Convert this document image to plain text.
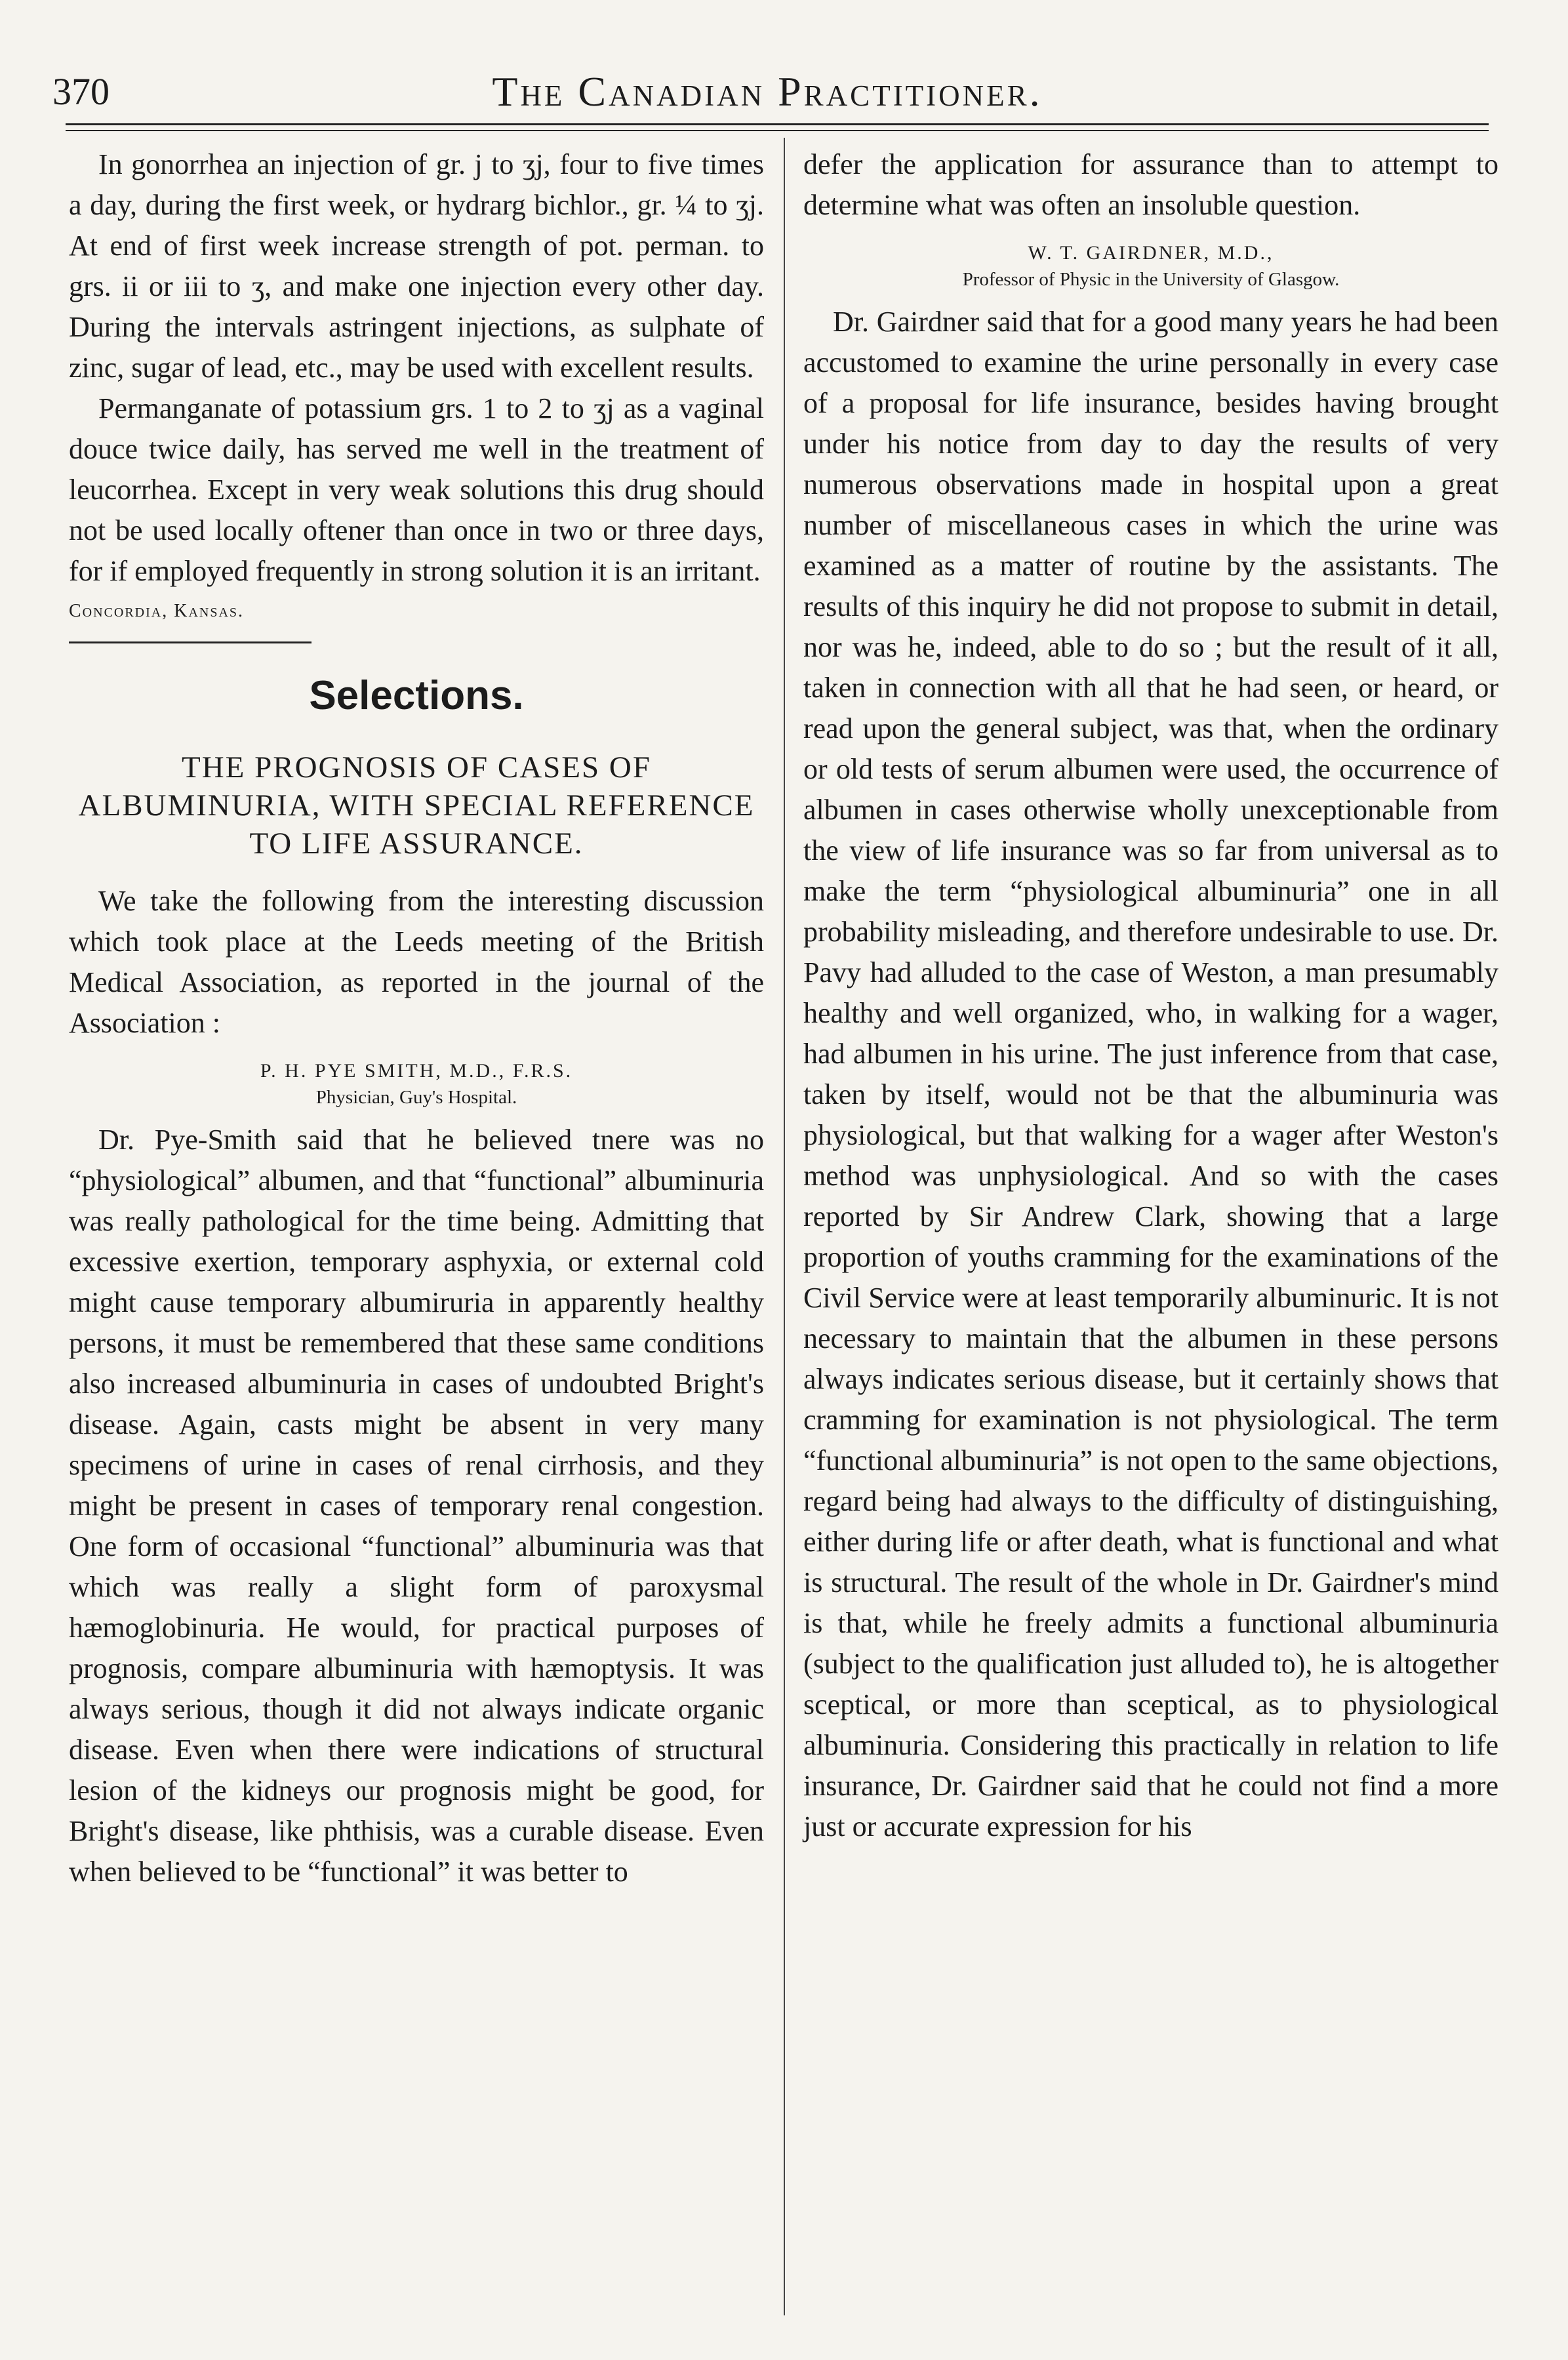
370	The Canadian Practitioner.

In gonorrhea an injection of gr. j to ʒj, four to five times a day, during the first week, or hydrarg bichlor., gr. ¼ to ʒj. At end of first week increase strength of pot. perman. to grs. ii or iii to ʒ, and make one injection every other day. During the intervals astringent injections, as sulphate of zinc, sugar of lead, etc., may be used with excellent results.

Permanganate of potassium grs. 1 to 2 to ʒj as a vaginal douce twice daily, has served me well in the treatment of leucorrhea. Except in very weak solutions this drug should not be used locally oftener than once in two or three days, for if employed frequently in strong solution it is an irritant.

Concordia, Kansas.
Selections.
THE PROGNOSIS OF CASES OF ALBUMINURIA, WITH SPECIAL REFERENCE TO LIFE ASSURANCE.

We take the following from the interesting discussion which took place at the Leeds meeting of the British Medical Association, as reported in the journal of the Association :

P. H. PYE SMITH, M.D., F.R.S.
Physician, Guy's Hospital.

Dr. Pye-Smith said that he believed tnere was no “physiological” albumen, and that “functional” albuminuria was really pathological for the time being. Admitting that excessive exertion, temporary asphyxia, or external cold might cause temporary albumiruria in apparently healthy persons, it must be remembered that these same conditions also increased albuminuria in cases of undoubted Bright's disease. Again, casts might be absent in very many specimens of urine in cases of renal cirrhosis, and they might be present in cases of temporary renal congestion. One form of occasional “functional” albuminuria was that which was really a slight form of paroxysmal hæmoglobinuria. He would, for practical purposes of prognosis, compare albuminuria with hæmoptysis. It was always serious, though it did not always indicate organic disease. Even when there were indications of structural lesion of the kidneys our prognosis might be good, for Bright's disease, like phthisis, was a curable disease. Even when believed to be “functional” it was better to

defer the application for assurance than to attempt to determine what was often an insoluble question.

W. T. GAIRDNER, M.D.,
Professor of Physic in the University of Glasgow.

Dr. Gairdner said that for a good many years he had been accustomed to examine the urine personally in every case of a proposal for life insurance, besides having brought under his notice from day to day the results of very numerous observations made in hospital upon a great number of miscellaneous cases in which the urine was examined as a matter of routine by the assistants. The results of this inquiry he did not propose to submit in detail, nor was he, indeed, able to do so ; but the result of it all, taken in connection with all that he had seen, or heard, or read upon the general subject, was that, when the ordinary or old tests of serum albumen were used, the occurrence of albumen in cases otherwise wholly unexceptionable from the view of life insurance was so far from universal as to make the term “physiological albuminuria” one in all probability misleading, and therefore undesirable to use. Dr. Pavy had alluded to the case of Weston, a man presumably healthy and well organized, who, in walking for a wager, had albumen in his urine. The just inference from that case, taken by itself, would not be that the albuminuria was physiological, but that walking for a wager after Weston's method was unphysiological. And so with the cases reported by Sir Andrew Clark, showing that a large proportion of youths cramming for the examinations of the Civil Service were at least temporarily albuminuric. It is not necessary to maintain that the albumen in these persons always indicates serious disease, but it certainly shows that cramming for examination is not physiological. The term “functional albuminuria” is not open to the same objections, regard being had always to the difficulty of distinguishing, either during life or after death, what is functional and what is structural. The result of the whole in Dr. Gairdner's mind is that, while he freely admits a functional albuminuria (subject to the qualification just alluded to), he is altogether sceptical, or more than sceptical, as to physiological albuminuria. Considering this practically in relation to life insurance, Dr. Gairdner said that he could not find a more just or accurate expression for his
